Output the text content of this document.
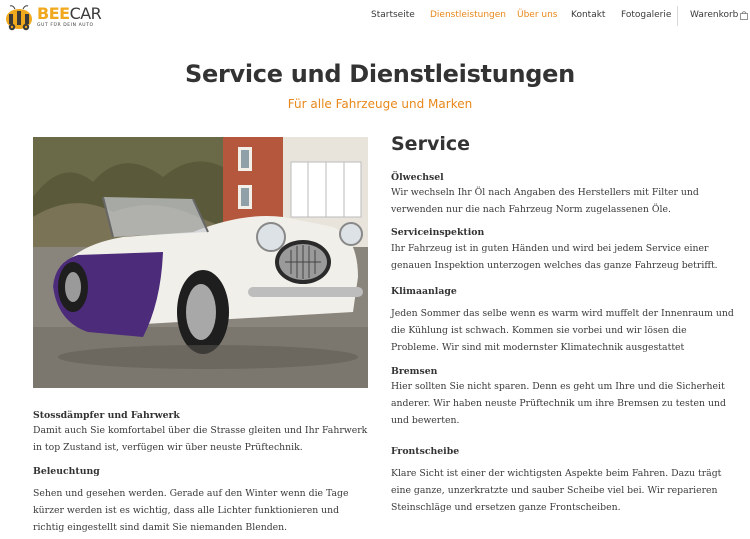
BEECAR
GUT FÜR DEIN AUTO
Startseite Dienstleistungen Über uns Kontakt Fotogalerie Warenkorb
Service und Dienstleistungen
Für alle Fahrzeuge und Marken
Service
Ölwechsel
Wir wechseln Ihr Öl nach Angaben des Herstellers mit Filter und verwenden nur die nach Fahrzeug Norm zugelassenen Öle.
Serviceinspektion
Ihr Fahrzeug ist in guten Händen und wird bei jedem Service einer genauen Inspektion unterzogen welches das ganze Fahrzeug betrifft.
Klimaanlage
Jeden Sommer das selbe wenn es warm wird muffelt der Innenraum und die Kühlung ist schwach. Kommen sie vorbei und wir lösen die Probleme. Wir sind mit modernster Klimatechnik ausgestattet
Bremsen
Hier sollten Sie nicht sparen. Denn es geht um Ihre und die Sicherheit anderer. Wir haben neuste Prüftechnik um ihre Bremsen zu testen und und bewerten.
Frontscheibe
Klare Sicht ist einer der wichtigsten Aspekte beim Fahren. Dazu trägt eine ganze, unzerkratzte und sauber Scheibe viel bei. Wir reparieren Steinschläge und ersetzen ganze Frontscheiben.
Stossdämpfer und Fahrwerk
Damit auch Sie komfortabel über die Strasse gleiten und Ihr Fahrwerk in top Zustand ist, verfügen wir über neuste Prüftechnik.
Beleuchtung
Sehen und gesehen werden. Gerade auf den Winter wenn die Tage kürzer werden ist es wichtig, dass alle Lichter funktionieren und richtig eingestellt sind damit Sie niemanden Blenden.
